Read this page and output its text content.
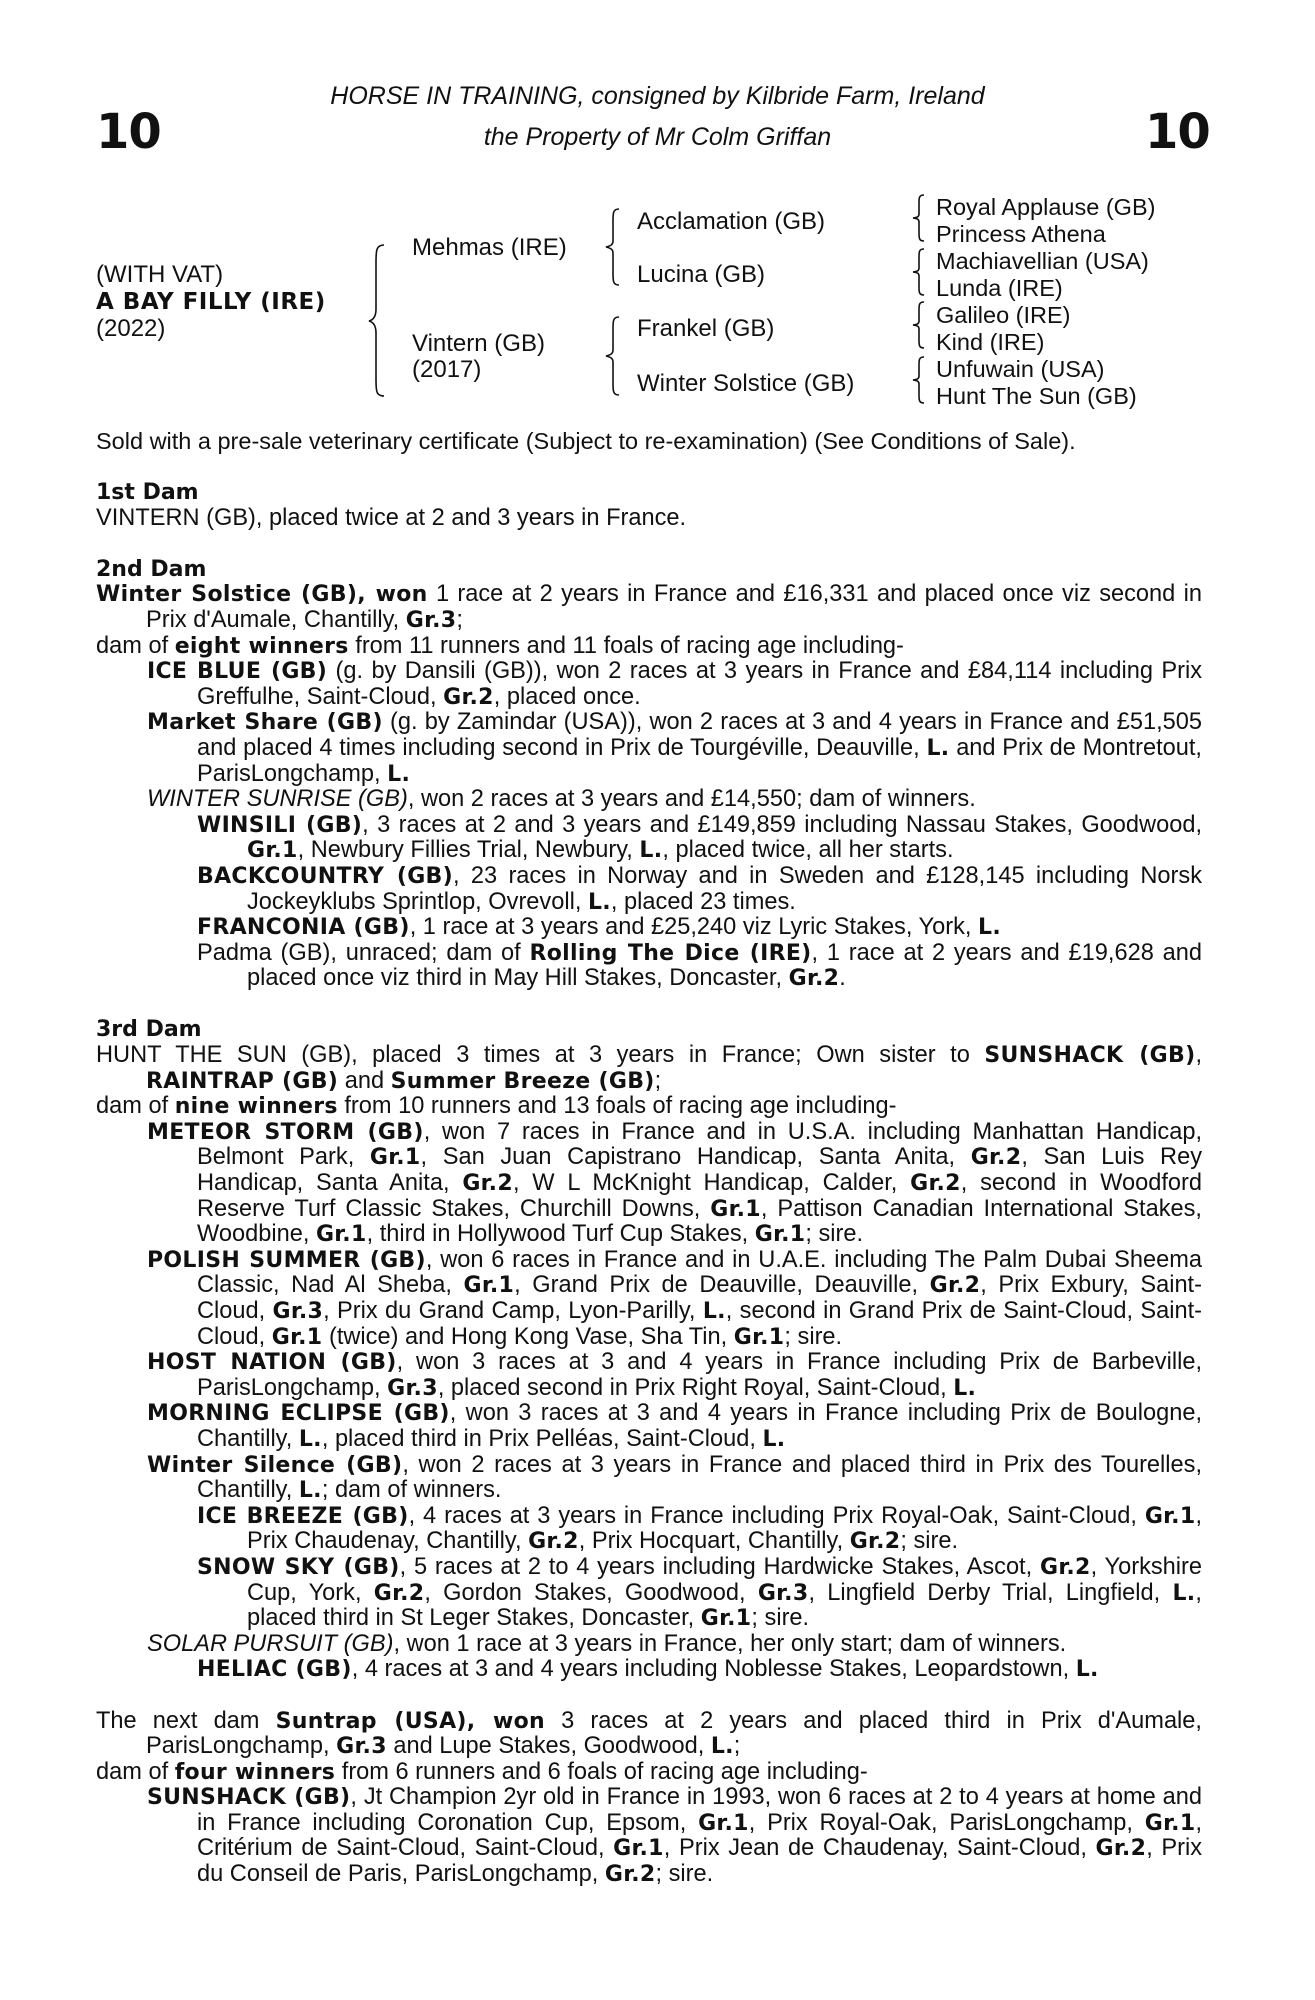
10	10
HORSE IN TRAINING, consigned by Kilbride Farm, Ireland
the Property of Mr Colm Griffan
(WITH VAT)
A BAY FILLY (IRE)
(2022)
Mehmas (IRE)
Vintern (GB)
(2017)
Acclamation (GB)
Lucina (GB)
Frankel (GB)
Winter Solstice (GB)
Royal Applause (GB)
Princess Athena
Machiavellian (USA)
Lunda (IRE)
Galileo (IRE)
Kind (IRE)
Unfuwain (USA)
Hunt The Sun (GB)
Sold with a pre-sale veterinary certificate (Subject to re-examination) (See Conditions of Sale).
1st Dam
VINTERN (GB), placed twice at 2 and 3 years in France.
2nd Dam
Winter Solstice (GB), won 1 race at 2 years in France and £16,331 and placed once viz second in Prix d'Aumale, Chantilly, Gr.3;
dam of eight winners from 11 runners and 11 foals of racing age including-
ICE BLUE (GB) (g. by Dansili (GB)), won 2 races at 3 years in France and £84,114 including Prix Greffulhe, Saint-Cloud, Gr.2, placed once.
Market Share (GB) (g. by Zamindar (USA)), won 2 races at 3 and 4 years in France and £51,505 and placed 4 times including second in Prix de Tourgéville, Deauville, L. and Prix de Montretout, ParisLongchamp, L.
WINTER SUNRISE (GB), won 2 races at 3 years and £14,550; dam of winners.
WINSILI (GB), 3 races at 2 and 3 years and £149,859 including Nassau Stakes, Goodwood, Gr.1, Newbury Fillies Trial, Newbury, L., placed twice, all her starts.
BACKCOUNTRY (GB), 23 races in Norway and in Sweden and £128,145 including Norsk Jockeyklubs Sprintlop, Ovrevoll, L., placed 23 times.
FRANCONIA (GB), 1 race at 3 years and £25,240 viz Lyric Stakes, York, L.
Padma (GB), unraced; dam of Rolling The Dice (IRE), 1 race at 2 years and £19,628 and placed once viz third in May Hill Stakes, Doncaster, Gr.2.
3rd Dam
HUNT THE SUN (GB), placed 3 times at 3 years in France; Own sister to SUNSHACK (GB), RAINTRAP (GB) and Summer Breeze (GB);
dam of nine winners from 10 runners and 13 foals of racing age including-
METEOR STORM (GB), won 7 races in France and in U.S.A. including Manhattan Handicap, Belmont Park, Gr.1, San Juan Capistrano Handicap, Santa Anita, Gr.2, San Luis Rey Handicap, Santa Anita, Gr.2, W L McKnight Handicap, Calder, Gr.2, second in Woodford Reserve Turf Classic Stakes, Churchill Downs, Gr.1, Pattison Canadian International Stakes, Woodbine, Gr.1, third in Hollywood Turf Cup Stakes, Gr.1; sire.
POLISH SUMMER (GB), won 6 races in France and in U.A.E. including The Palm Dubai Sheema Classic, Nad Al Sheba, Gr.1, Grand Prix de Deauville, Deauville, Gr.2, Prix Exbury, Saint-Cloud, Gr.3, Prix du Grand Camp, Lyon-Parilly, L., second in Grand Prix de Saint-Cloud, Saint-Cloud, Gr.1 (twice) and Hong Kong Vase, Sha Tin, Gr.1; sire.
HOST NATION (GB), won 3 races at 3 and 4 years in France including Prix de Barbeville, ParisLongchamp, Gr.3, placed second in Prix Right Royal, Saint-Cloud, L.
MORNING ECLIPSE (GB), won 3 races at 3 and 4 years in France including Prix de Boulogne, Chantilly, L., placed third in Prix Pelléas, Saint-Cloud, L.
Winter Silence (GB), won 2 races at 3 years in France and placed third in Prix des Tourelles, Chantilly, L.; dam of winners.
ICE BREEZE (GB), 4 races at 3 years in France including Prix Royal-Oak, Saint-Cloud, Gr.1, Prix Chaudenay, Chantilly, Gr.2, Prix Hocquart, Chantilly, Gr.2; sire.
SNOW SKY (GB), 5 races at 2 to 4 years including Hardwicke Stakes, Ascot, Gr.2, Yorkshire Cup, York, Gr.2, Gordon Stakes, Goodwood, Gr.3, Lingfield Derby Trial, Lingfield, L., placed third in St Leger Stakes, Doncaster, Gr.1; sire.
SOLAR PURSUIT (GB), won 1 race at 3 years in France, her only start; dam of winners.
HELIAC (GB), 4 races at 3 and 4 years including Noblesse Stakes, Leopardstown, L.
The next dam Suntrap (USA), won 3 races at 2 years and placed third in Prix d'Aumale, ParisLongchamp, Gr.3 and Lupe Stakes, Goodwood, L.;
dam of four winners from 6 runners and 6 foals of racing age including-
SUNSHACK (GB), Jt Champion 2yr old in France in 1993, won 6 races at 2 to 4 years at home and in France including Coronation Cup, Epsom, Gr.1, Prix Royal-Oak, ParisLongchamp, Gr.1, Critérium de Saint-Cloud, Saint-Cloud, Gr.1, Prix Jean de Chaudenay, Saint-Cloud, Gr.2, Prix du Conseil de Paris, ParisLongchamp, Gr.2; sire.
